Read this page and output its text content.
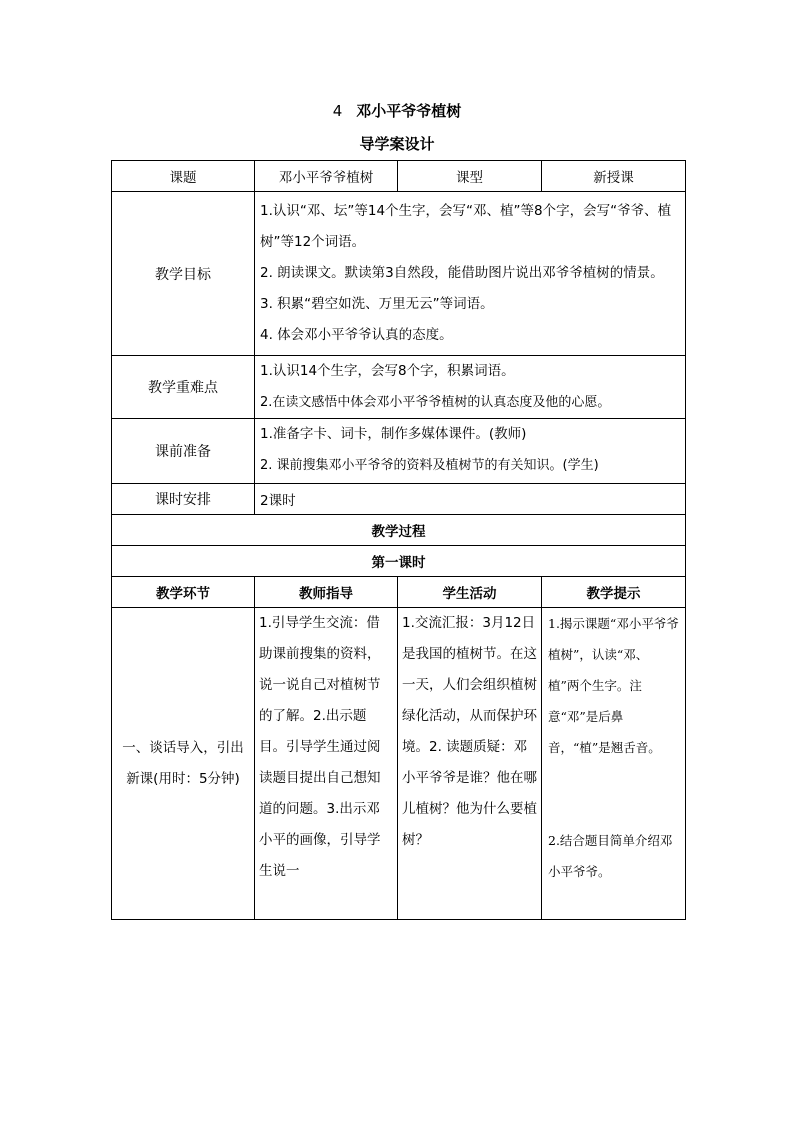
4 邓小平爷爷植树
导学案设计
课题	邓小平爷爷植树	课型	新授课
教学目标	1.认识“邓、坛”等14个生字，会写“邓、植”等8个字，会写“爷爷、植树”等12个词语。

2. 朗读课文。默读第3自然段，能借助图片说出邓爷爷植树的情景。

3. 积累“碧空如洗、万里无云”等词语。

4. 体会邓小平爷爷认真的态度。		

教学重难点	1.认识14个生字，会写8个字，积累词语。

2.在读文感悟中体会邓小平爷爷植树的认真态度及他的心愿。		

课前准备	1.准备字卡、词卡，制作多媒体课件。(教师)

2. 课前搜集邓小平爷爷的资料及植树节的有关知识。(学生)		

课时安排	2课时		
教学过程			
第一课时			
教学环节	教师指导	学生活动	教学提示
一、谈话导入，引出新课(用时：5分钟)	1.引导学生交流：借助课前搜集的资料，说一说自己对植树节的了解。2.出示题目。引导学生通过阅读题目提出自己想知道的问题。3.出示邓小平的画像，引导学生说一	1.交流汇报：3月12日是我国的植树节。在这一天，人们会组织植树绿化活动，从而保护环境。2. 读题质疑：邓小平爷爷是谁？他在哪儿植树？他为什么要植树？	1.揭示课题“邓小平爷爷植树”，认读“邓、植”两个生字。注意“邓”是后鼻音，“植”是翘舌音。

2.结合题目简单介绍邓小平爷爷。
